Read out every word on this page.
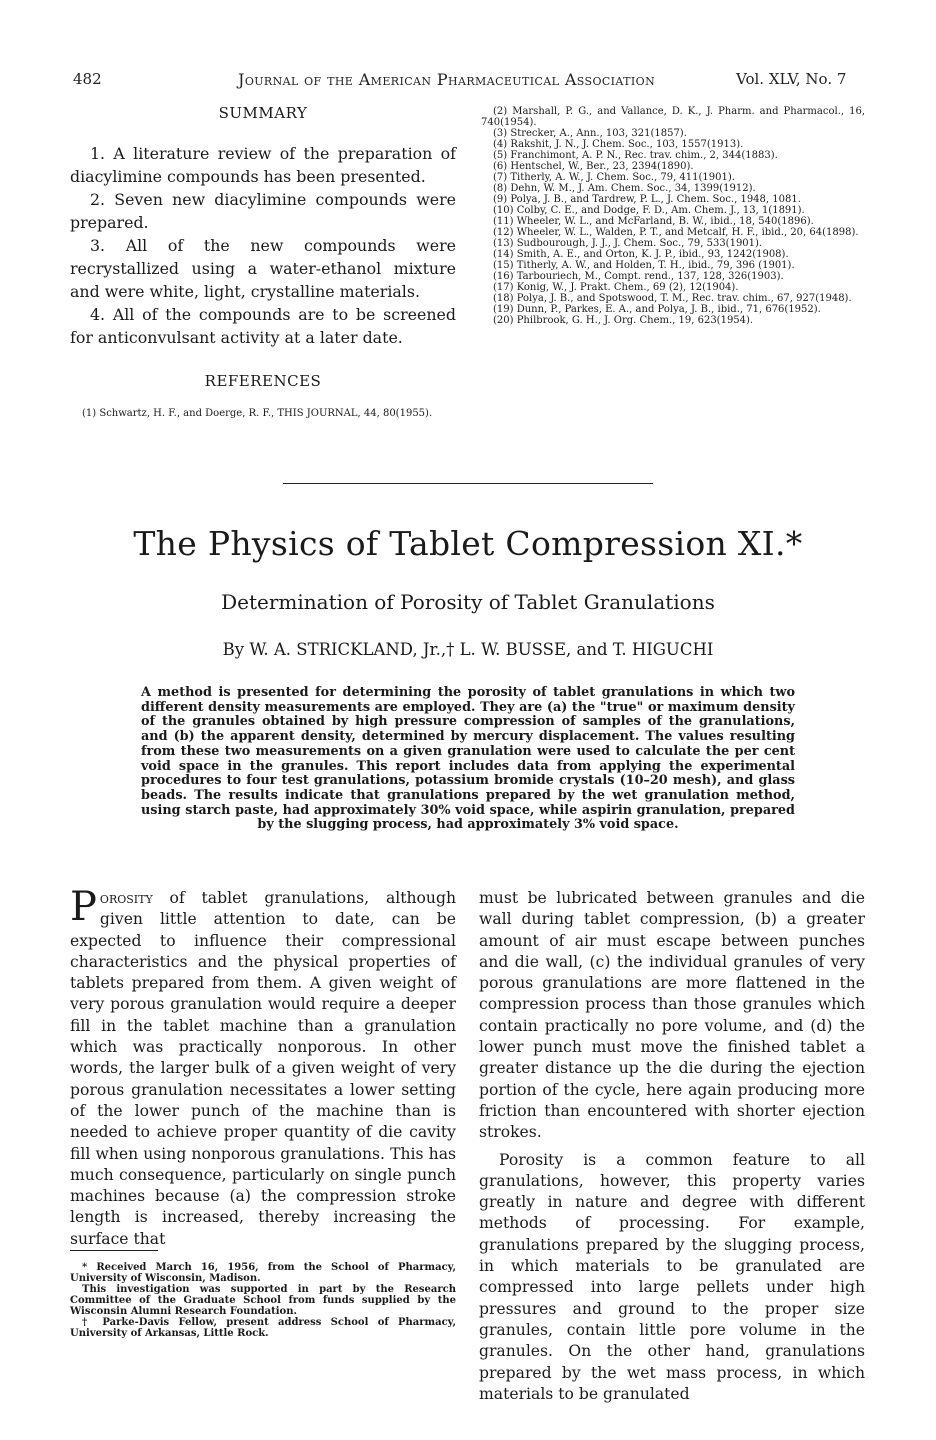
482	Journal of the American Pharmaceutical Association	Vol. XLV, No. 7
SUMMARY

1. A literature review of the preparation of diacylimine compounds has been presented.

2. Seven new diacylimine compounds were prepared.

3. All of the new compounds were recrystallized using a water-ethanol mixture and were white, light, crystalline materials.

4. All of the compounds are to be screened for anticonvulsant activity at a later date.

REFERENCES

(1) Schwartz, H. F., and Doerge, R. F., THIS JOURNAL, 44, 80(1955).

(2) Marshall, P. G., and Vallance, D. K., J. Pharm. and Pharmacol., 16, 740(1954).

(3) Strecker, A., Ann., 103, 321(1857).

(4) Rakshit, J. N., J. Chem. Soc., 103, 1557(1913).

(5) Franchimont, A. P. N., Rec. trav. chim., 2, 344(1883).

(6) Hentschel, W., Ber., 23, 2394(1890).

(7) Titherly, A. W., J. Chem. Soc., 79, 411(1901).

(8) Dehn, W. M., J. Am. Chem. Soc., 34, 1399(1912).

(9) Polya, J. B., and Tardrew, P. L., J. Chem. Soc., 1948, 1081.

(10) Colby, C. E., and Dodge, F. D., Am. Chem. J., 13, 1(1891).

(11) Wheeler, W. L., and McFarland, B. W., ibid., 18, 540(1896).

(12) Wheeler, W. L., Walden, P. T., and Metcalf, H. F., ibid., 20, 64(1898).

(13) Sudbourough, J. J., J. Chem. Soc., 79, 533(1901).

(14) Smith, A. E., and Orton, K. J. P., ibid., 93, 1242(1908).

(15) Titherly, A. W., and Holden, T. H., ibid., 79, 396 (1901).

(16) Tarbouriech, M., Compt. rend., 137, 128, 326(1903).

(17) Konig, W., J. Prakt. Chem., 69 (2), 12(1904).

(18) Polya, J. B., and Spotswood, T. M., Rec. trav. chim., 67, 927(1948).

(19) Dunn, P., Parkes, E. A., and Polya, J. B., ibid., 71, 676(1952).

(20) Philbrook, G. H., J. Org. Chem., 19, 623(1954).

The Physics of Tablet Compression XI.*
Determination of Porosity of Tablet Granulations
By W. A. STRICKLAND, Jr.,† L. W. BUSSE, and T. HIGUCHI
A method is presented for determining the porosity of tablet granulations in which two different density measurements are employed. They are (a) the "true" or maximum density of the granules obtained by high pressure compression of samples of the granulations, and (b) the apparent density, determined by mercury displacement. The values resulting from these two measurements on a given granulation were used to calculate the per cent void space in the granules. This report includes data from applying the experimental procedures to four test granulations, potassium bromide crystals (10–20 mesh), and glass beads. The results indicate that granulations prepared by the wet granulation method, using starch paste, had approximately 30% void space, while aspirin granulation, prepared by the slugging process, had approximately 3% void space.

Porosity of tablet granulations, although given little attention to date, can be expected to influence their compressional characteristics and the physical properties of tablets prepared from them. A given weight of very porous granulation would require a deeper fill in the tablet machine than a granulation which was practically nonporous. In other words, the larger bulk of a given weight of very porous granulation necessitates a lower setting of the lower punch of the machine than is needed to achieve proper quantity of die cavity fill when using nonporous granulations. This has much consequence, particularly on single punch machines because (a) the compression stroke length is increased, thereby increasing the surface that

must be lubricated between granules and die wall during tablet compression, (b) a greater amount of air must escape between punches and die wall, (c) the individual granules of very porous granulations are more flattened in the compression process than those granules which contain practically no pore volume, and (d) the lower punch must move the finished tablet a greater distance up the die during the ejection portion of the cycle, here again producing more friction than encountered with shorter ejection strokes.

Porosity is a common feature to all granulations, however, this property varies greatly in nature and degree with different methods of processing. For example, granulations prepared by the slugging process, in which materials to be granulated are compressed into large pellets under high pressures and ground to the proper size granules, contain little pore volume in the granules. On the other hand, granulations prepared by the wet mass process, in which materials to be granulated

* Received March 16, 1956, from the School of Pharmacy, University of Wisconsin, Madison.

This investigation was supported in part by the Research Committee of the Graduate School from funds supplied by the Wisconsin Alumni Research Foundation.

† Parke-Davis Fellow, present address School of Pharmacy, University of Arkansas, Little Rock.
